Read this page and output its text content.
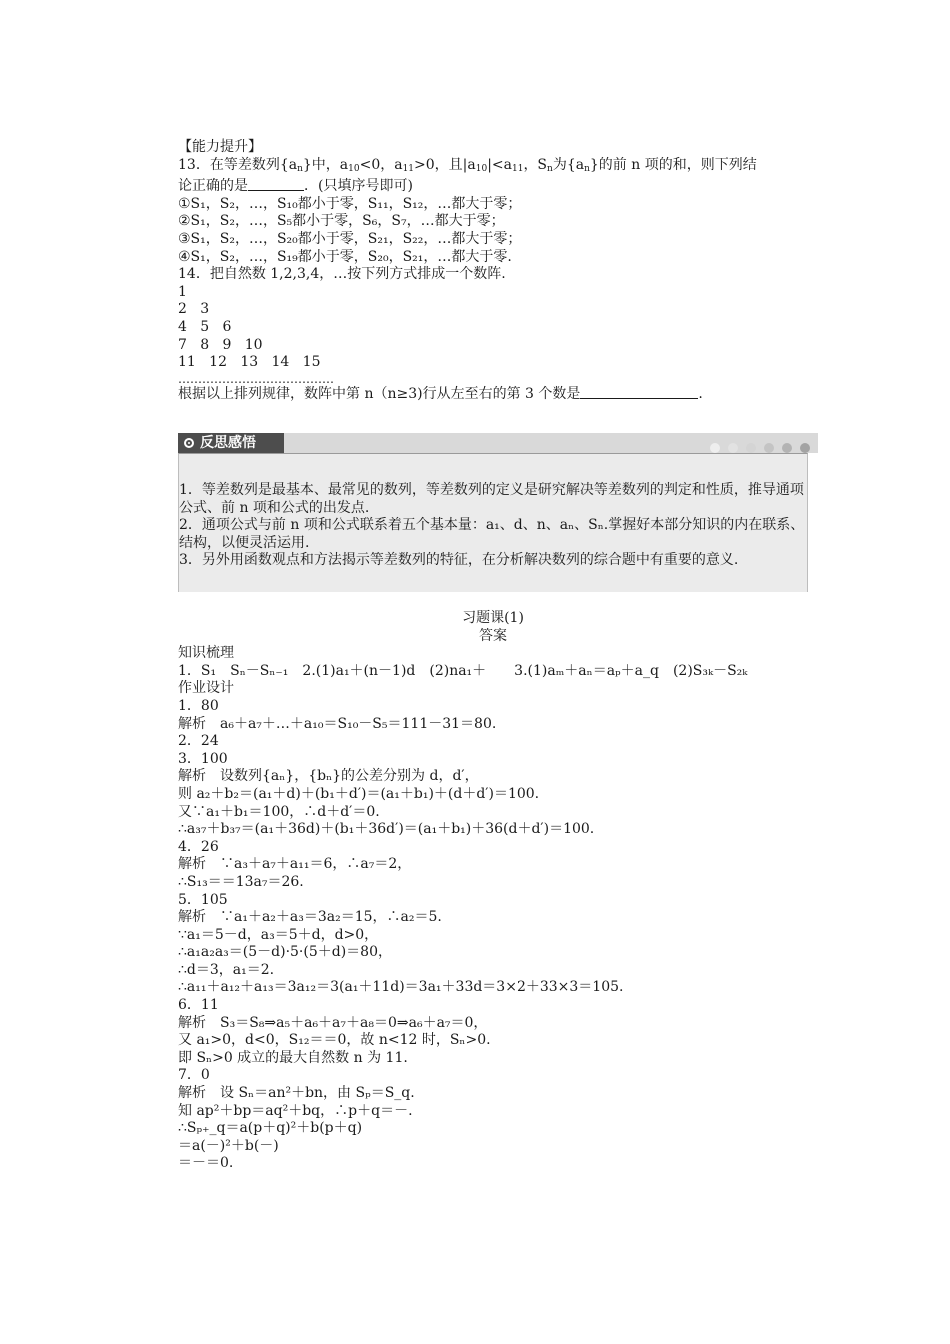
【能力提升】
13．在等差数列$\{a_n\}$中，$a_{10}<0$，$a_{11}>0$，且$|a_{10}|<a_{11}$，$S_n$为$\{a_n\}$的前 n 项的和，则下列结
论正确的是	．(只填序号即可)
①S₁，S₂，…，S₁₀都小于零，S₁₁，S₁₂，…都大于零；
②S₁，S₂，…，S₅都小于零，S₆，S₇，…都大于零；
③S₁，S₂，…，S₂₀都小于零，S₂₁，S₂₂，…都大于零；
④S₁，S₂，…，S₁₉都小于零，S₂₀，S₂₁，…都大于零.
14．把自然数 1,2,3,4，…按下列方式排成一个数阵.
1
2   3
4   5   6
7   8   9   10
11   12   13   14   15
…………………………………
根据以上排列规律，数阵中第 n（n≥3)行从左至右的第 3 个数是	.
反思感悟
1．等差数列是最基本、最常见的数列，等差数列的定义是研究解决等差数列的判定和性质，推导通项公式、前 n 项和公式的出发点.
2．通项公式与前 n 项和公式联系着五个基本量：a₁、d、n、aₙ、Sₙ.掌握好本部分知识的内在联系、结构，以便灵活运用.
3．另外用函数观点和方法揭示等差数列的特征，在分析解决数列的综合题中有重要的意义.
习题课(1)
答案
知识梳理
1．S₁　Sₙ－Sₙ₋₁　2.(1)a₁＋(n－1)d　(2)na₁＋　　3.(1)aₘ＋aₙ＝aₚ＋a_q　(2)S₃ₖ－S₂ₖ
作业设计
1．80
解析　a₆＋a₇＋…＋a₁₀＝S₁₀－S₅＝111－31＝80.
2．24
3．100
解析　设数列{aₙ}，{bₙ}的公差分别为 d，d′，
则 a₂＋b₂＝(a₁＋d)＋(b₁＋d′)＝(a₁＋b₁)＋(d＋d′)＝100.
又∵a₁＋b₁＝100，∴d＋d′＝0.
∴a₃₇＋b₃₇＝(a₁＋36d)＋(b₁＋36d′)＝(a₁＋b₁)＋36(d＋d′)＝100.
4．26
解析　∵a₃＋a₇＋a₁₁＝6，∴a₇＝2，
∴S₁₃＝＝13a₇＝26.
5．105
解析　∵a₁＋a₂＋a₃＝3a₂＝15，∴a₂＝5.
∵a₁＝5－d，a₃＝5＋d，d>0，
∴a₁a₂a₃＝(5－d)·5·(5＋d)＝80，
∴d＝3，a₁＝2.
∴a₁₁＋a₁₂＋a₁₃＝3a₁₂＝3(a₁＋11d)＝3a₁＋33d＝3×2＋33×3＝105.
6．11
解析　S₃＝S₈⇒a₅＋a₆＋a₇＋a₈＝0⇒a₆＋a₇＝0，
又 a₁>0，d<0，S₁₂＝＝0，故 n<12 时，Sₙ>0.
即 Sₙ>0 成立的最大自然数 n 为 11.
7．0
解析　设 Sₙ＝an²＋bn，由 Sₚ＝S_q.
知 ap²＋bp＝aq²＋bq，∴p＋q＝－.
∴Sₚ₊_q＝a(p＋q)²＋b(p＋q)
＝a(－)²＋b(－)
＝－＝0.
